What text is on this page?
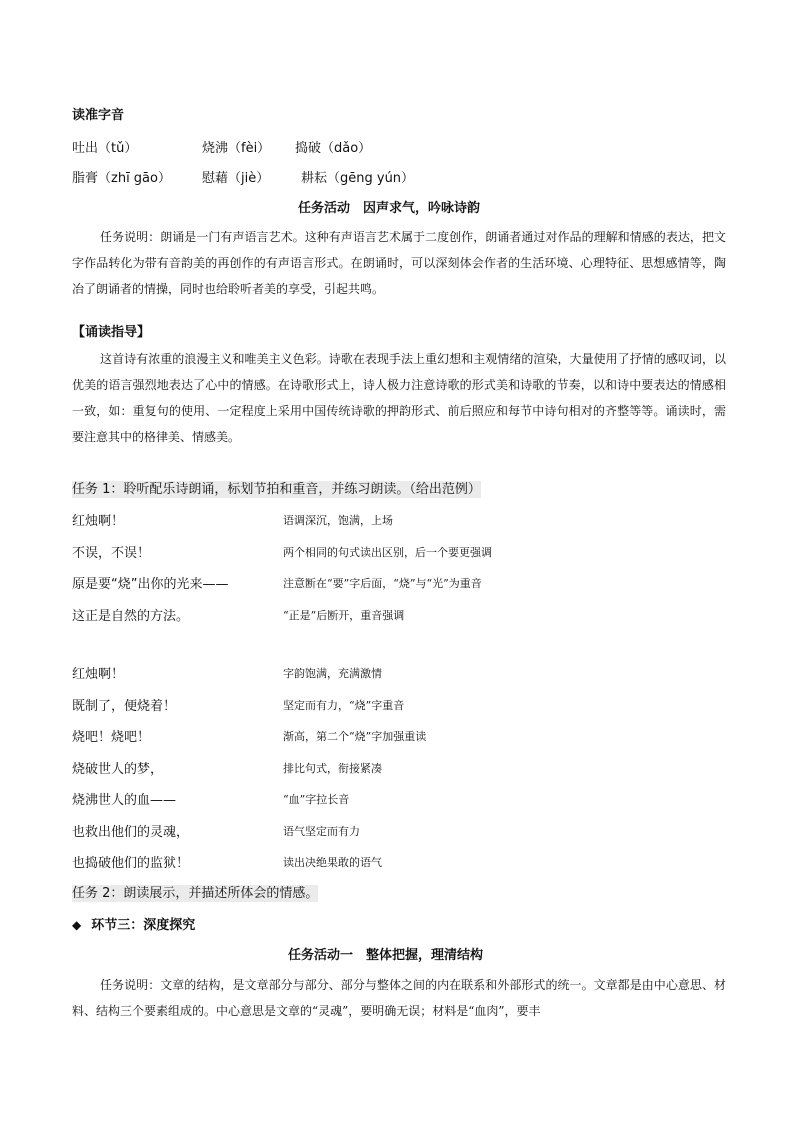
读准字音
吐出（tǔ）	烧沸（fèi） 捣破（dǎo）
脂膏（zhī gāo） 慰藉（jiè） 耕耘（gēng yún）
任务活动　因声求气，吟咏诗韵
任务说明：朗诵是一门有声语言艺术。这种有声语言艺术属于二度创作，朗诵者通过对作品的理解和情感的表达，把文字作品转化为带有音韵美的再创作的有声语言形式。在朗诵时，可以深刻体会作者的生活环境、心理特征、思想感情等，陶冶了朗诵者的情操，同时也给聆听者美的享受，引起共鸣。
【诵读指导】
这首诗有浓重的浪漫主义和唯美主义色彩。诗歌在表现手法上重幻想和主观情绪的渲染，大量使用了抒情的感叹词，以优美的语言强烈地表达了心中的情感。在诗歌形式上，诗人极力注意诗歌的形式美和诗歌的节奏，以和诗中要表达的情感相一致，如：重复句的使用、一定程度上采用中国传统诗歌的押韵形式、前后照应和每节中诗句相对的齐整等等。诵读时，需要注意其中的格律美、情感美。
任务 1：聆听配乐诗朗诵，标划节拍和重音，并练习朗读。（给出范例）
红烛啊！	语调深沉，饱满，上场
不误，不误！	两个相同的句式读出区别，后一个要更强调
原是要“烧”出你的光来——	注意断在“要”字后面，“烧”与“光”为重音
这正是自然的方法。	“正是”后断开，重音强调
红烛啊！	字韵饱满，充满激情
既制了，便烧着！	坚定而有力，“烧”字重音
烧吧！烧吧！	渐高，第二个“烧”字加强重读
烧破世人的梦，	排比句式，衔接紧凑
烧沸世人的血——	“血”字拉长音
也救出他们的灵魂，	语气坚定而有力
也捣破他们的监狱！	读出决绝果敢的语气
任务 2：朗读展示，并描述所体会的情感。
◆ 环节三：深度探究
任务活动一　整体把握，理清结构
任务说明：文章的结构，是文章部分与部分、部分与整体之间的内在联系和外部形式的统一。文章都是由中心意思、材料、结构三个要素组成的。中心意思是文章的“灵魂”，要明确无误；材料是“血肉”，要丰
